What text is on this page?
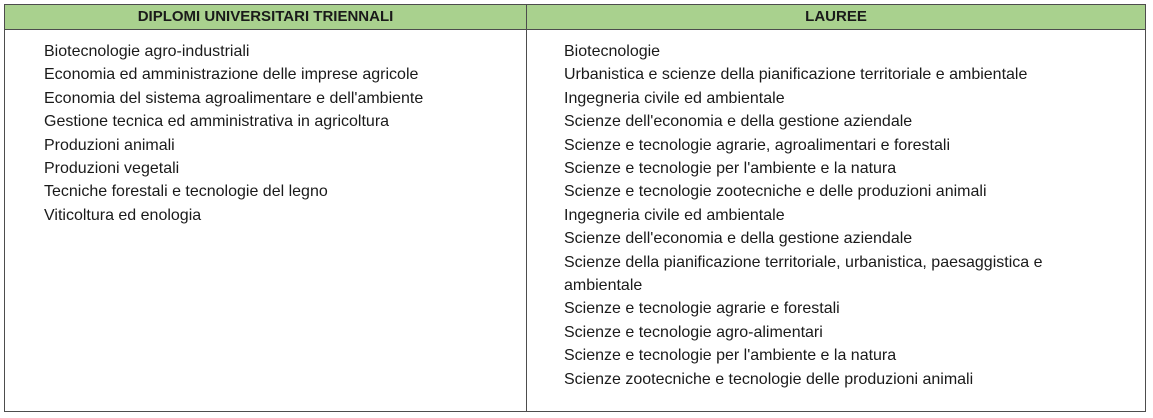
DIPLOMI UNIVERSITARI TRIENNALI	LAUREE
Biotecnologie agro-industriali
Economia ed amministrazione delle imprese agricole
Economia del sistema agroalimentare e dell'ambiente
Gestione tecnica ed amministrativa in agricoltura
Produzioni animali
Produzioni vegetali
Tecniche forestali e tecnologie del legno
Viticoltura ed enologia
Biotecnologie
Urbanistica e scienze della pianificazione territoriale e ambientale
Ingegneria civile ed ambientale
Scienze dell'economia e della gestione aziendale
Scienze e tecnologie agrarie, agroalimentari e forestali
Scienze e tecnologie per l'ambiente e la natura
Scienze e tecnologie zootecniche e delle produzioni animali
Ingegneria civile ed ambientale
Scienze dell'economia e della gestione aziendale
Scienze della pianificazione territoriale, urbanistica, paesaggistica e ambientale
Scienze e tecnologie agrarie e forestali
Scienze e tecnologie agro-alimentari
Scienze e tecnologie per l'ambiente e la natura
Scienze zootecniche e tecnologie delle produzioni animali
